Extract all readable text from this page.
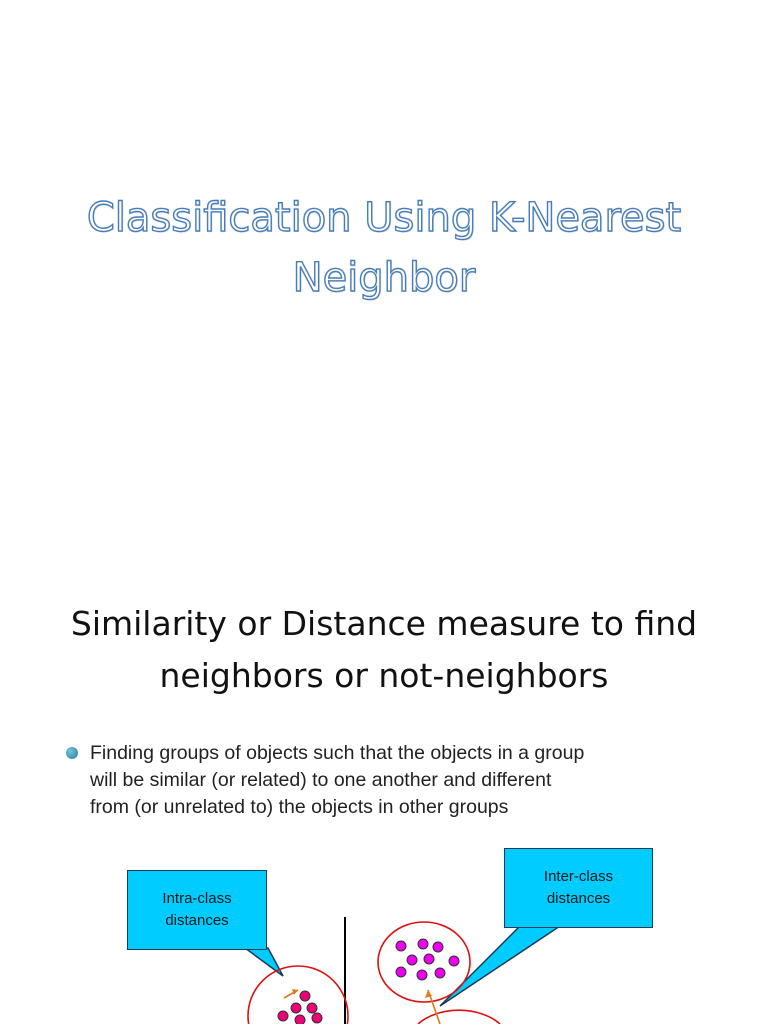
Classification Using K-Nearest
Neighbor
Similarity or Distance measure to find
neighbors or not-neighbors
Finding groups of objects such that the objects in a group
will be similar (or related) to one another and different
from (or unrelated to) the objects in other groups
Intra-class
distances
Inter-class
distances
